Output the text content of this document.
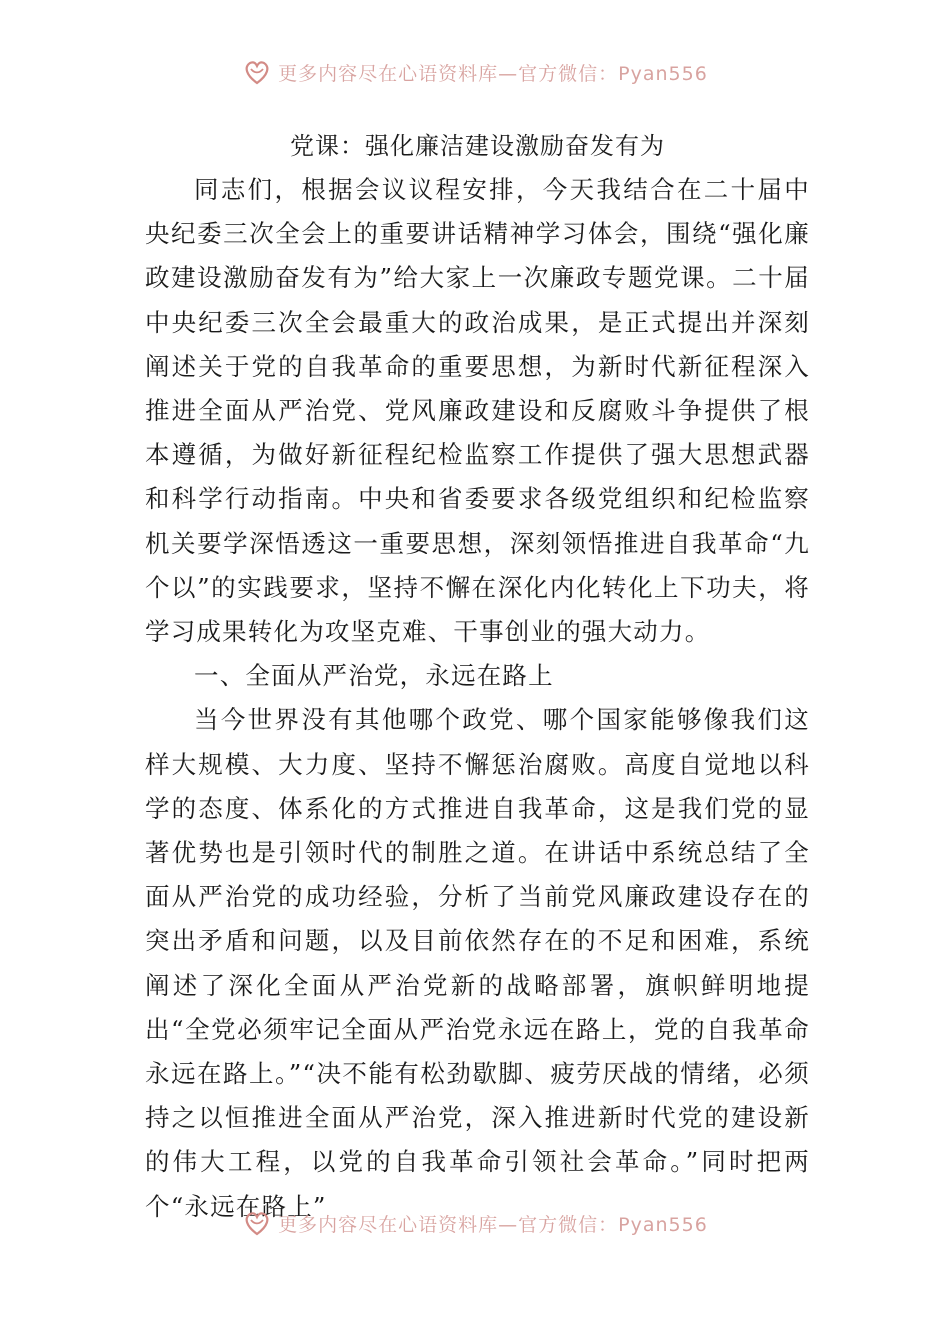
更多内容尽在心语资料库—官方微信：Pyan556
党课：强化廉洁建设激励奋发有为

同志们，根据会议议程安排，今天我结合在二十届中央纪委三次全会上的重要讲话精神学习体会，围绕“强化廉政建设激励奋发有为”给大家上一次廉政专题党课。二十届中央纪委三次全会最重大的政治成果，是正式提出并深刻阐述关于党的自我革命的重要思想，为新时代新征程深入推进全面从严治党、党风廉政建设和反腐败斗争提供了根本遵循，为做好新征程纪检监察工作提供了强大思想武器和科学行动指南。中央和省委要求各级党组织和纪检监察机关要学深悟透这一重要思想，深刻领悟推进自我革命“九个以”的实践要求，坚持不懈在深化内化转化上下功夫，将学习成果转化为攻坚克难、干事创业的强大动力。

一、全面从严治党，永远在路上

当今世界没有其他哪个政党、哪个国家能够像我们这样大规模、大力度、坚持不懈惩治腐败。高度自觉地以科学的态度、体系化的方式推进自我革命，这是我们党的显著优势也是引领时代的制胜之道。在讲话中系统总结了全面从严治党的成功经验，分析了当前党风廉政建设存在的突出矛盾和问题，以及目前依然存在的不足和困难，系统阐述了深化全面从严治党新的战略部署，旗帜鲜明地提出“全党必须牢记全面从严治党永远在路上，党的自我革命永远在路上。”“决不能有松劲歇脚、疲劳厌战的情绪，必须持之以恒推进全面从严治党，深入推进新时代党的建设新的伟大工程，以党的自我革命引领社会革命。”同时把两个“永远在路上”

更多内容尽在心语资料库—官方微信：Pyan556
